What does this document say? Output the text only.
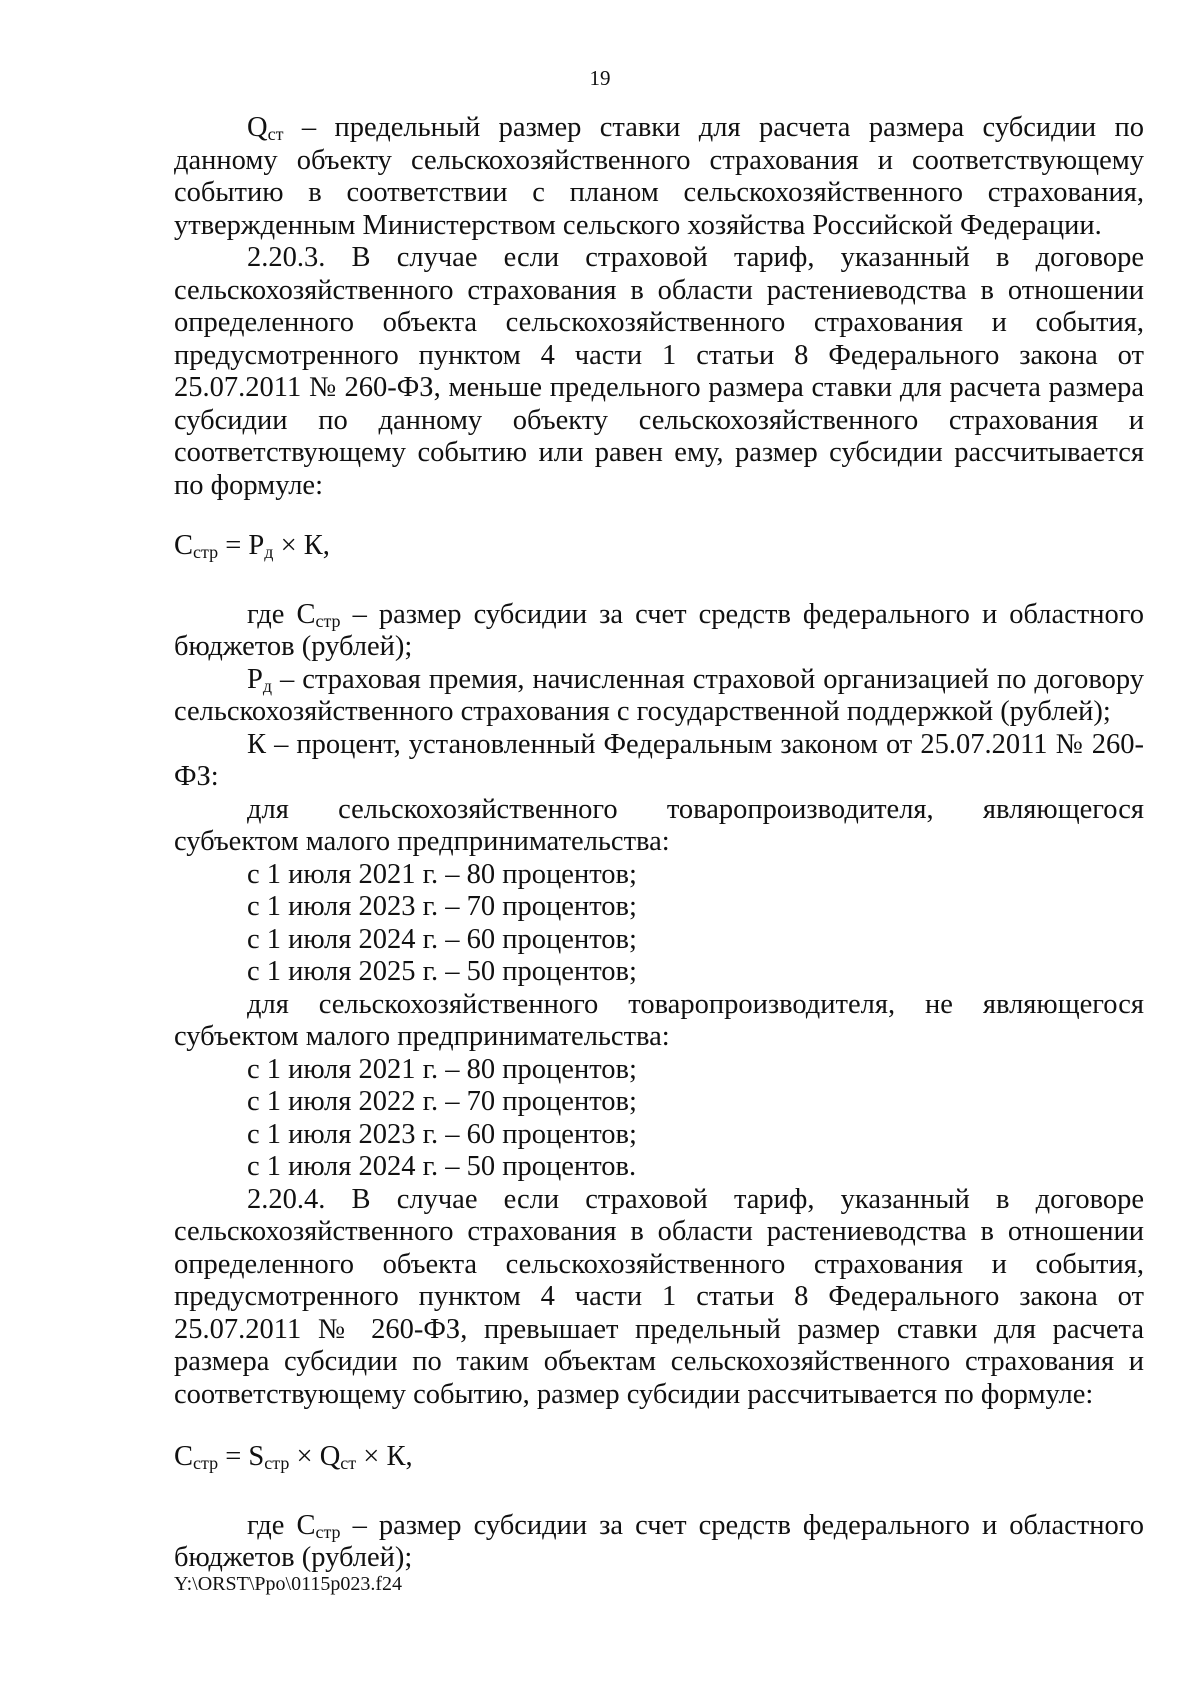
19

$Q_{ст}$ – предельный размер ставки для расчета размера субсидии по данному объекту сельскохозяйственного страхования и соответствующему событию в соответствии с планом сельскохозяйственного страхования, утвержденным Министерством сельского хозяйства Российской Федерации.

2.20.3. В случае если страховой тариф, указанный в договоре сельскохозяйственного страхования в области растениеводства в отношении определенного объекта сельскохозяйственного страхования и события, предусмотренного пунктом 4 части 1 статьи 8 Федерального закона от 25.07.2011 № 260-ФЗ, меньше предельного размера ставки для расчета размера субсидии по данному объекту сельскохозяйственного страхования и соответствующему событию или равен ему, размер субсидии рассчитывается по формуле:

$С_{стр} = Р_д \times К$,

где $С_{стр}$ – размер субсидии за счет средств федерального и областного бюджетов (рублей);

$Р_д$ – страховая премия, начисленная страховой организацией по договору сельскохозяйственного страхования с государственной поддержкой (рублей);

К – процент, установленный Федеральным законом от 25.07.2011 № 260-ФЗ:

для сельскохозяйственного товаропроизводителя, являющегося субъектом малого предпринимательства:

с 1 июля 2021 г. – 80 процентов;

с 1 июля 2023 г. – 70 процентов;

с 1 июля 2024 г. – 60 процентов;

с 1 июля 2025 г. – 50 процентов;

для сельскохозяйственного товаропроизводителя, не являющегося субъектом малого предпринимательства:

с 1 июля 2021 г. – 80 процентов;

с 1 июля 2022 г. – 70 процентов;

с 1 июля 2023 г. – 60 процентов;

с 1 июля 2024 г. – 50 процентов.

2.20.4. В случае если страховой тариф, указанный в договоре сельскохозяйственного страхования в области растениеводства в отношении определенного объекта сельскохозяйственного страхования и события, предусмотренного пунктом 4 части 1 статьи 8 Федерального закона от 25.07.2011 № 260-ФЗ, превышает предельный размер ставки для расчета размера субсидии по таким объектам сельскохозяйственного страхования и соответствующему событию, размер субсидии рассчитывается по формуле:

$С_{стр} = S_{стр} \times Q_{ст} \times К$,

где $С_{стр}$ – размер субсидии за счет средств федерального и областного бюджетов (рублей);

Y:\ORST\Ppo\0115p023.f24
